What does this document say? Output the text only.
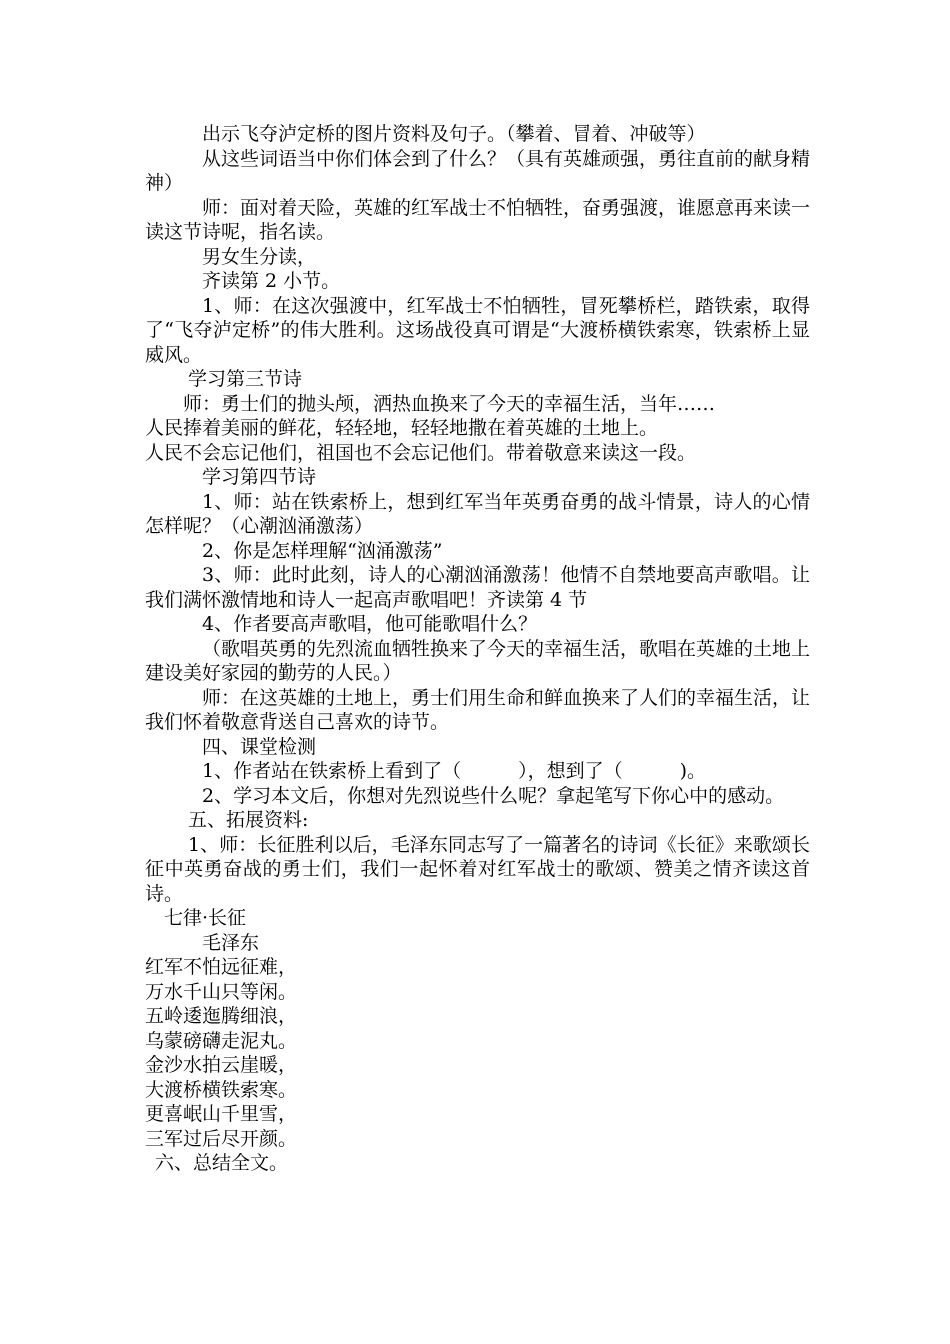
出示飞夺泸定桥的图片资料及句子。（攀着、冒着、冲破等）

从这些词语当中你们体会到了什么？（具有英雄顽强，勇往直前的献身精神）

师：面对着天险，英雄的红军战士不怕牺牲，奋勇强渡，谁愿意再来读一读这节诗呢，指名读。

男女生分读，

齐读第 2 小节。

1、师：在这次强渡中，红军战士不怕牺牲，冒死攀桥栏，踏铁索，取得了“飞夺泸定桥”的伟大胜利。这场战役真可谓是“大渡桥横铁索寒，铁索桥上显威风。

学习第三节诗

师：勇士们的抛头颅，洒热血换来了今天的幸福生活，当年……

人民捧着美丽的鲜花，轻轻地，轻轻地撒在着英雄的土地上。

人民不会忘记他们，祖国也不会忘记他们。带着敬意来读这一段。

学习第四节诗

1、师：站在铁索桥上，想到红军当年英勇奋勇的战斗情景，诗人的心情怎样呢？（心潮汹涌激荡）

2、你是怎样理解“汹涌激荡”

3、师：此时此刻，诗人的心潮汹涌激荡！他情不自禁地要高声歌唱。让我们满怀激情地和诗人一起高声歌唱吧！齐读第 4 节

4、作者要高声歌唱，他可能歌唱什么？

（歌唱英勇的先烈流血牺牲换来了今天的幸福生活，歌唱在英雄的土地上建设美好家园的勤劳的人民。）

师：在这英雄的土地上，勇士们用生命和鲜血换来了人们的幸福生活，让我们怀着敬意背送自己喜欢的诗节。

四、课堂检测

1、作者站在铁索桥上看到了（　　　），想到了（　　　)。

2、学习本文后，你想对先烈说些什么呢？拿起笔写下你心中的感动。

五、拓展资料:

1、师：长征胜利以后，毛泽东同志写了一篇著名的诗词《长征》来歌颂长征中英勇奋战的勇士们，我们一起怀着对红军战士的歌颂、赞美之情齐读这首诗。

七律·长征

毛泽东

红军不怕远征难，

万水千山只等闲。

五岭逶迤腾细浪，

乌蒙磅礴走泥丸。

金沙水拍云崖暖，

大渡桥横铁索寒。

更喜岷山千里雪，

三军过后尽开颜。

六、总结全文。
